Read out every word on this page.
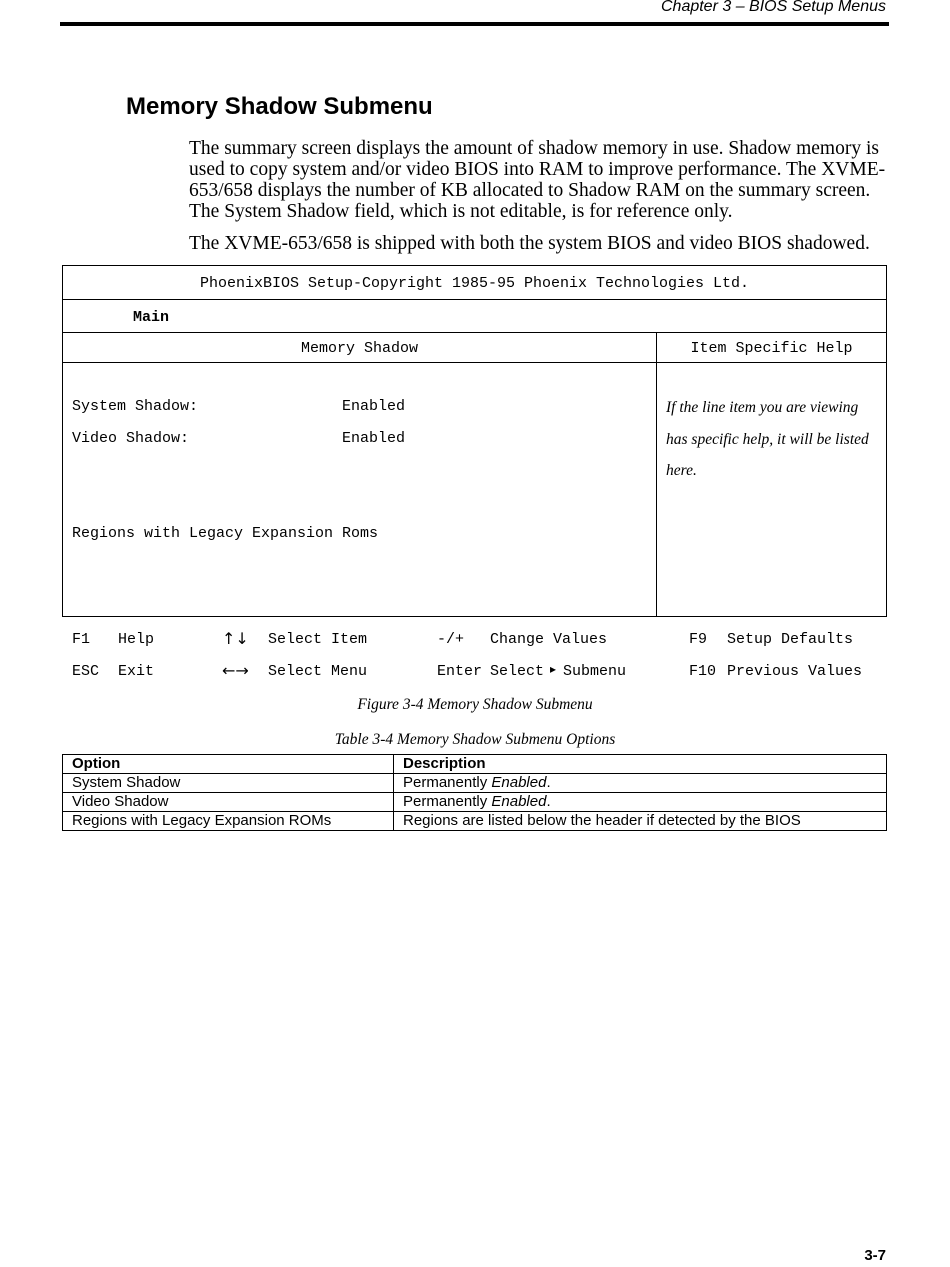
Chapter 3 – BIOS Setup Menus
Memory Shadow Submenu
The summary screen displays the amount of shadow memory in use. Shadow memory is used to copy system and/or video BIOS into RAM to improve performance. The XVME-653/658 displays the number of KB allocated to Shadow RAM on the summary screen. The System Shadow field, which is not editable, is for reference only.
The XVME-653/658 is shipped with both the system BIOS and video BIOS shadowed.
PhoenixBIOS Setup-Copyright 1985-95 Phoenix Technologies Ltd.
Main
Memory Shadow	Item Specific Help
System Shadow:	Enabled
Video Shadow:	Enabled
Regions with Legacy Expansion Roms
If the line item you are viewing has specific help, it will be listed here.
F1 Help	↑↓ Select Item	-/+ Change Values	F9 Setup Defaults
ESC Exit	←→ Select Menu	Enter Select ▸ Submenu	F10 Previous Values
Figure 3-4 Memory Shadow Submenu
Table 3-4 Memory Shadow Submenu Options
Option	Description
System Shadow	Permanently Enabled.
Video Shadow	Permanently Enabled.
Regions with Legacy Expansion ROMs	Regions are listed below the header if detected by the BIOS
3-7
